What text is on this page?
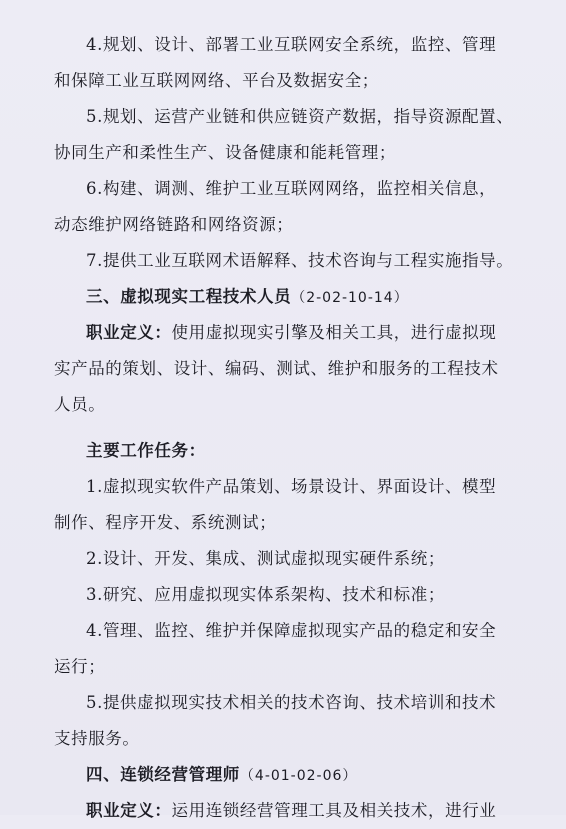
4.规划、设计、部署工业互联网安全系统，监控、管理
和保障工业互联网网络、平台及数据安全；
5.规划、运营产业链和供应链资产数据，指导资源配置、
协同生产和柔性生产、设备健康和能耗管理；
6.构建、调测、维护工业互联网网络，监控相关信息，
动态维护网络链路和网络资源；
7.提供工业互联网术语解释、技术咨询与工程实施指导。
三、虚拟现实工程技术人员（2-02-10-14）
职业定义：使用虚拟现实引擎及相关工具，进行虚拟现
实产品的策划、设计、编码、测试、维护和服务的工程技术
人员。
主要工作任务：
1.虚拟现实软件产品策划、场景设计、界面设计、模型
制作、程序开发、系统测试；
2.设计、开发、集成、测试虚拟现实硬件系统；
3.研究、应用虚拟现实体系架构、技术和标准；
4.管理、监控、维护并保障虚拟现实产品的稳定和安全
运行；
5.提供虚拟现实技术相关的技术咨询、技术培训和技术
支持服务。
四、连锁经营管理师（4-01-02-06）
职业定义：运用连锁经营管理工具及相关技术，进行业
